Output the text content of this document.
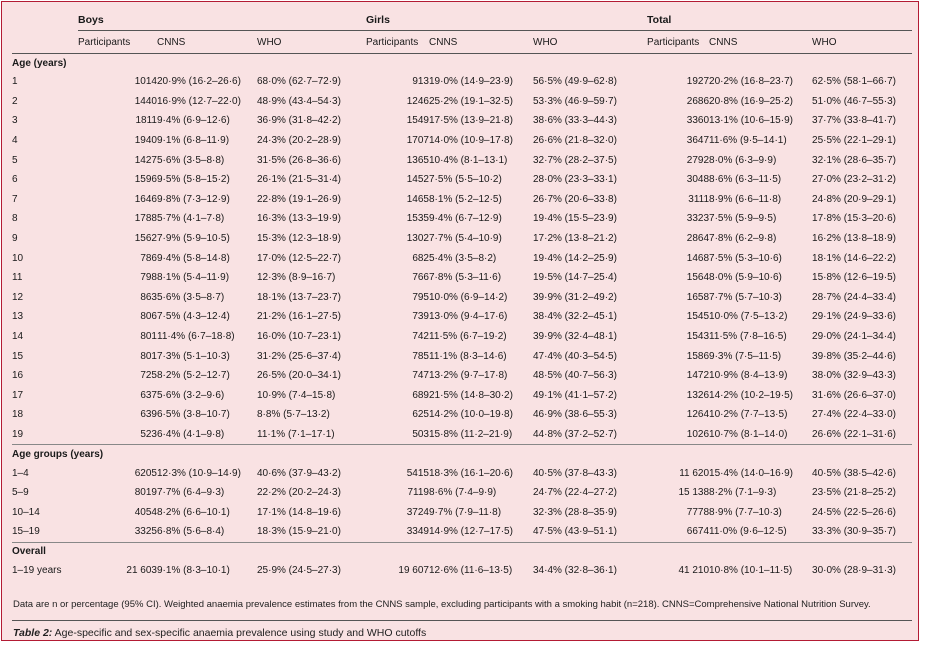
	Boys			Girls			Total		
	Participants	CNNS	WHO	Participants	CNNS	WHO	Participants	CNNS	WHO
Age (years)									
1	1014	20·9% (16·2–26·6)	68·0% (62·7–72·9)	913	19·0% (14·9–23·9)	56·5% (49·9–62·8)	1927	20·2% (16·8–23·7)	62·5% (58·1–66·7)
2	1440	16·9% (12·7–22·0)	48·9% (43·4–54·3)	1246	25·2% (19·1–32·5)	53·3% (46·9–59·7)	2686	20·8% (16·9–25·2)	51·0% (46·7–55·3)
3	1811	9·4% (6·9–12·6)	36·9% (31·8–42·2)	1549	17·5% (13·9–21·8)	38·6% (33·3–44·3)	3360	13·1% (10·6–15·9)	37·7% (33·8–41·7)
4	1940	9·1% (6·8–11·9)	24·3% (20·2–28·9)	1707	14·0% (10·9–17·8)	26·6% (21·8–32·0)	3647	11·6% (9·5–14·1)	25·5% (22·1–29·1)
5	1427	5·6% (3·5–8·8)	31·5% (26·8–36·6)	1365	10·4% (8·1–13·1)	32·7% (28·2–37·5)	2792	8·0% (6·3–9·9)	32·1% (28·6–35·7)
6	1596	9·5% (5·8–15·2)	26·1% (21·5–31·4)	1452	7·5% (5·5–10·2)	28·0% (23·3–33·1)	3048	8·6% (6·3–11·5)	27·0% (23·2–31·2)
7	1646	9·8% (7·3–12·9)	22·8% (19·1–26·9)	1465	8·1% (5·2–12·5)	26·7% (20·6–33·8)	3111	8·9% (6·6–11·8)	24·8% (20·9–29·1)
8	1788	5·7% (4·1–7·8)	16·3% (13·3–19·9)	1535	9·4% (6·7–12·9)	19·4% (15·5–23·9)	3323	7·5% (5·9–9·5)	17·8% (15·3–20·6)
9	1562	7·9% (5·9–10·5)	15·3% (12·3–18·9)	1302	7·7% (5·4–10·9)	17·2% (13·8–21·2)	2864	7·8% (6·2–9·8)	16·2% (13·8–18·9)
10	786	9·4% (5·8–14·8)	17·0% (12·5–22·7)	682	5·4% (3·5–8·2)	19·4% (14·2–25·9)	1468	7·5% (5·3–10·6)	18·1% (14·6–22·2)
11	798	8·1% (5·4–11·9)	12·3% (8·9–16·7)	766	7·8% (5·3–11·6)	19·5% (14·7–25·4)	1564	8·0% (5·9–10·6)	15·8% (12·6–19·5)
12	863	5·6% (3·5–8·7)	18·1% (13·7–23·7)	795	10·0% (6·9–14·2)	39·9% (31·2–49·2)	1658	7·7% (5·7–10·3)	28·7% (24·4–33·4)
13	806	7·5% (4·3–12·4)	21·2% (16·1–27·5)	739	13·0% (9·4–17·6)	38·4% (32·2–45·1)	1545	10·0% (7·5–13·2)	29·1% (24·9–33·6)
14	801	11·4% (6·7–18·8)	16·0% (10·7–23·1)	742	11·5% (6·7–19·2)	39·9% (32·4–48·1)	1543	11·5% (7·8–16·5)	29·0% (24·1–34·4)
15	801	7·3% (5·1–10·3)	31·2% (25·6–37·4)	785	11·1% (8·3–14·6)	47·4% (40·3–54·5)	1586	9·3% (7·5–11·5)	39·8% (35·2–44·6)
16	725	8·2% (5·2–12·7)	26·5% (20·0–34·1)	747	13·2% (9·7–17·8)	48·5% (40·7–56·3)	1472	10·9% (8·4–13·9)	38·0% (32·9–43·3)
17	637	5·6% (3·2–9·6)	10·9% (7·4–15·8)	689	21·5% (14·8–30·2)	49·1% (41·1–57·2)	1326	14·2% (10·2–19·5)	31·6% (26·6–37·0)
18	639	6·5% (3·8–10·7)	8·8% (5·7–13·2)	625	14·2% (10·0–19·8)	46·9% (38·6–55·3)	1264	10·2% (7·7–13·5)	27·4% (22·4–33·0)
19	523	6·4% (4·1–9·8)	11·1% (7·1–17·1)	503	15·8% (11·2–21·9)	44·8% (37·2–52·7)	1026	10·7% (8·1–14·0)	26·6% (22·1–31·6)
Age groups (years)									
1–4	6205	12·3% (10·9–14·9)	40·6% (37·9–43·2)	5415	18·3% (16·1–20·6)	40·5% (37·8–43·3)	11 620	15·4% (14·0–16·9)	40·5% (38·5–42·6)
5–9	8019	7·7% (6·4–9·3)	22·2% (20·2–24·3)	7119	8·6% (7·4–9·9)	24·7% (22·4–27·2)	15 138	8·2% (7·1–9·3)	23·5% (21·8–25·2)
10–14	4054	8·2% (6·6–10·1)	17·1% (14·8–19·6)	3724	9·7% (7·9–11·8)	32·3% (28·8–35·9)	7778	8·9% (7·7–10·3)	24·5% (22·5–26·6)
15–19	3325	6·8% (5·6–8·4)	18·3% (15·9–21·0)	3349	14·9% (12·7–17·5)	47·5% (43·9–51·1)	6674	11·0% (9·6–12·5)	33·3% (30·9–35·7)
Overall									
1–19 years	21 603	9·1% (8·3–10·1)	25·9% (24·5–27·3)	19 607	12·6% (11·6–13·5)	34·4% (32·8–36·1)	41 210	10·8% (10·1–11·5)	30·0% (28·9–31·3)
Data are n or percentage (95% CI). Weighted anaemia prevalence estimates from the CNNS sample, excluding participants with a smoking habit (n=218). CNNS=Comprehensive National Nutrition Survey.
Table 2: Age-specific and sex-specific anaemia prevalence using study and WHO cutoffs
